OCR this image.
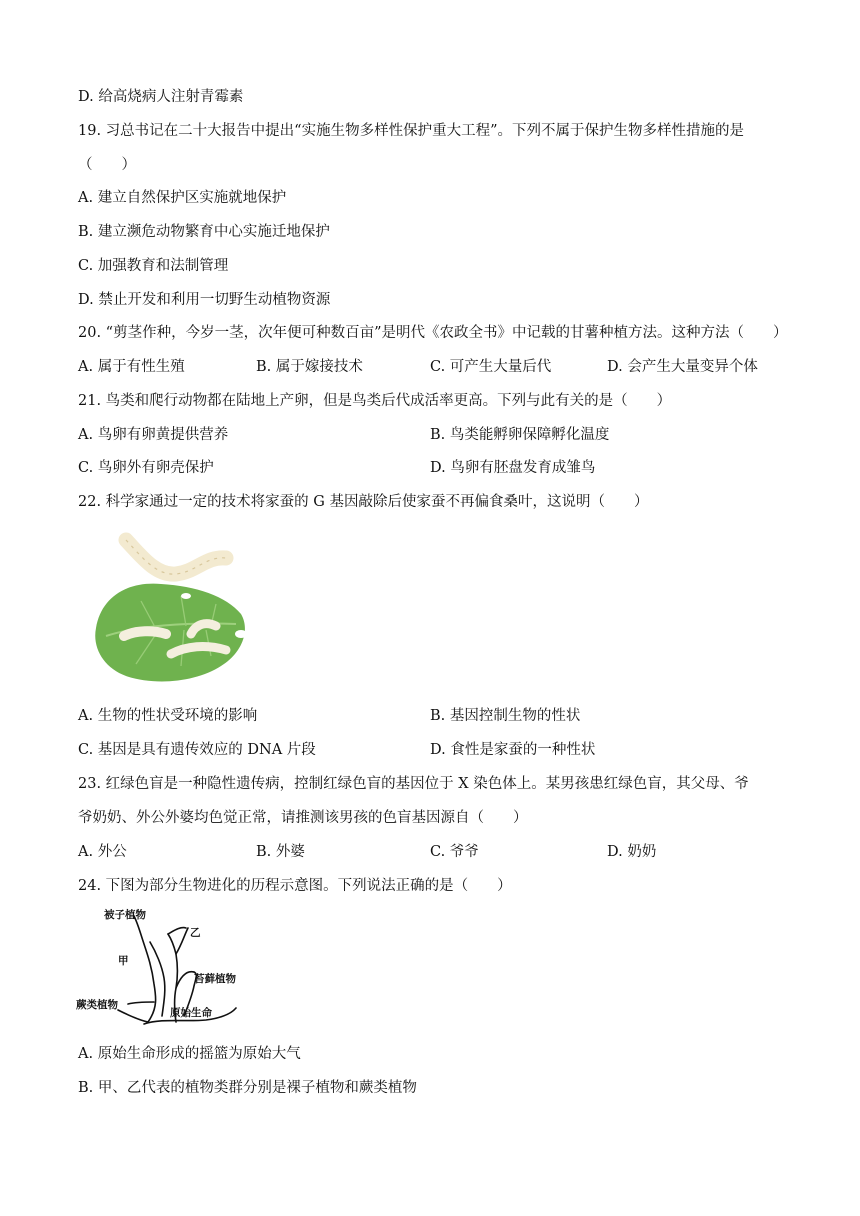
D. 给高烧病人注射青霉素
19. 习总书记在二十大报告中提出“实施生物多样性保护重大工程”。下列不属于保护生物多样性措施的是
（　　）
A. 建立自然保护区实施就地保护
B. 建立濒危动物繁育中心实施迁地保护
C. 加强教育和法制管理
D. 禁止开发和利用一切野生动植物资源
20. “剪茎作种，今岁一茎，次年便可种数百亩”是明代《农政全书》中记载的甘薯种植方法。这种方法（　　）
A. 属于有性生殖	B. 属于嫁接技术	C. 可产生大量后代	D. 会产生大量变异个体
21. 鸟类和爬行动物都在陆地上产卵，但是鸟类后代成活率更高。下列与此有关的是（　　）
A. 鸟卵有卵黄提供营养	B. 鸟类能孵卵保障孵化温度
C. 鸟卵外有卵壳保护	D. 鸟卵有胚盘发育成雏鸟
22. 科学家通过一定的技术将家蚕的 G 基因敲除后使家蚕不再偏食桑叶，这说明（　　）
A. 生物的性状受环境的影响	B. 基因控制生物的性状
C. 基因是具有遗传效应的 DNA 片段	D. 食性是家蚕的一种性状
23. 红绿色盲是一种隐性遗传病，控制红绿色盲的基因位于 X 染色体上。某男孩患红绿色盲，其父母、爷
爷奶奶、外公外婆均色觉正常，请推测该男孩的色盲基因源自（　　）
A. 外公	B. 外婆	C. 爷爷	D. 奶奶
24. 下图为部分生物进化的历程示意图。下列说法正确的是（　　）
被子植物
乙
甲
苔藓植物
蕨类植物
原始生命
A. 原始生命形成的摇篮为原始大气
B. 甲、乙代表的植物类群分别是裸子植物和蕨类植物
